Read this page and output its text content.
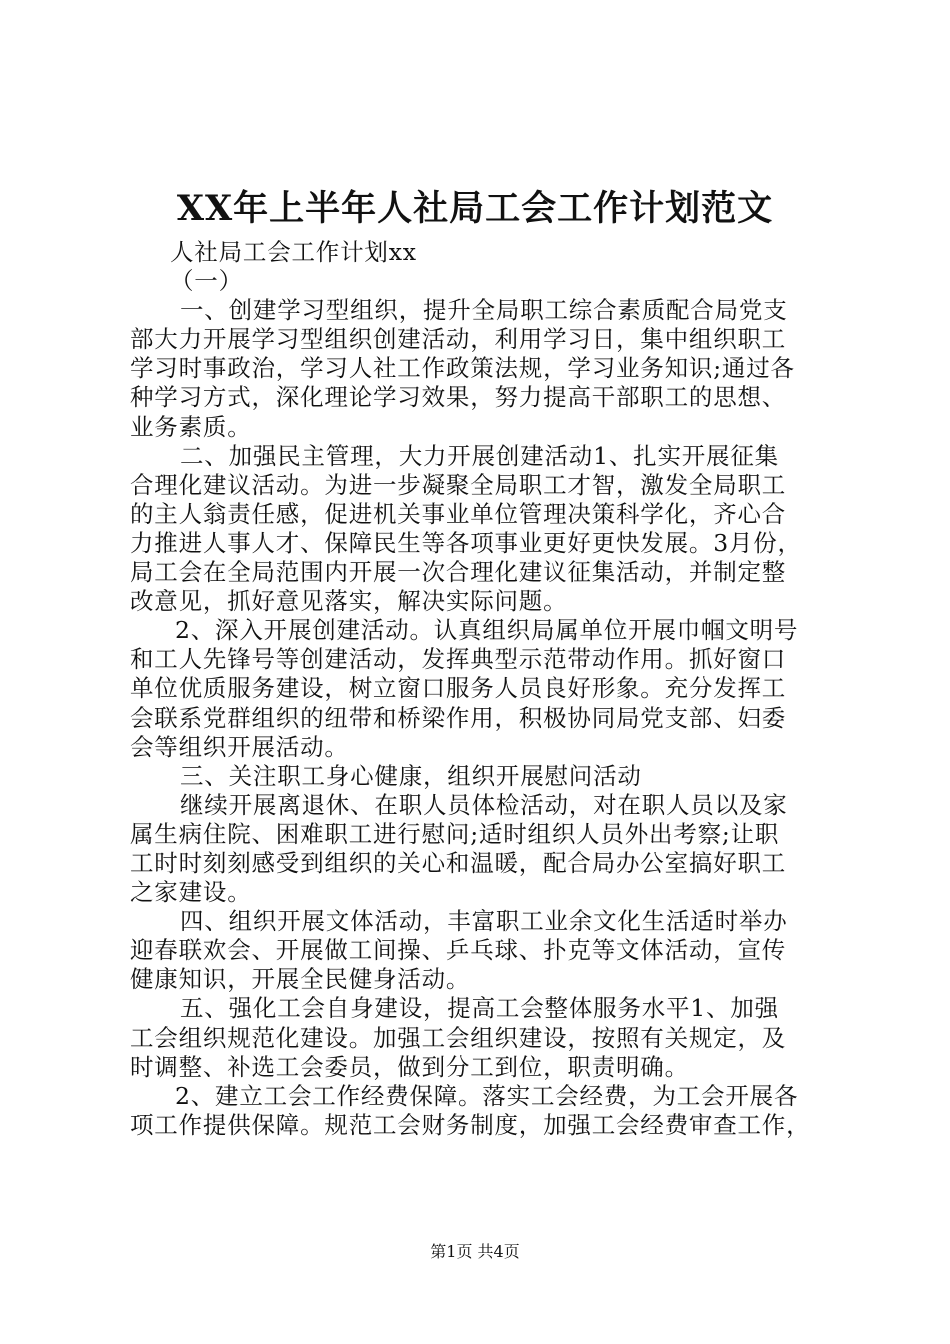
XX年上半年人社局工会工作计划范文
人社局工会工作计划xx
（一）
一、创建学习型组织，提升全局职工综合素质配合局党支
部大力开展学习型组织创建活动，利用学习日，集中组织职工
学习时事政治，学习人社工作政策法规，学习业务知识;通过各
种学习方式，深化理论学习效果，努力提高干部职工的思想、
业务素质。
二、加强民主管理，大力开展创建活动1、扎实开展征集
合理化建议活动。为进一步凝聚全局职工才智，激发全局职工
的主人翁责任感，促进机关事业单位管理决策科学化，齐心合
力推进人事人才、保障民生等各项事业更好更快发展。3月份，
局工会在全局范围内开展一次合理化建议征集活动，并制定整
改意见，抓好意见落实，解决实际问题。
2、深入开展创建活动。认真组织局属单位开展巾帼文明号
和工人先锋号等创建活动，发挥典型示范带动作用。抓好窗口
单位优质服务建设，树立窗口服务人员良好形象。充分发挥工
会联系党群组织的纽带和桥梁作用，积极协同局党支部、妇委
会等组织开展活动。
三、关注职工身心健康，组织开展慰问活动
继续开展离退休、在职人员体检活动，对在职人员以及家
属生病住院、困难职工进行慰问;适时组织人员外出考察;让职
工时时刻刻感受到组织的关心和温暖，配合局办公室搞好职工
之家建设。
四、组织开展文体活动，丰富职工业余文化生活适时举办
迎春联欢会、开展做工间操、乒乓球、扑克等文体活动，宣传
健康知识，开展全民健身活动。
五、强化工会自身建设，提高工会整体服务水平1、加强
工会组织规范化建设。加强工会组织建设，按照有关规定，及
时调整、补选工会委员，做到分工到位，职责明确。
2、建立工会工作经费保障。落实工会经费，为工会开展各
项工作提供保障。规范工会财务制度，加强工会经费审查工作，
第1页 共4页
